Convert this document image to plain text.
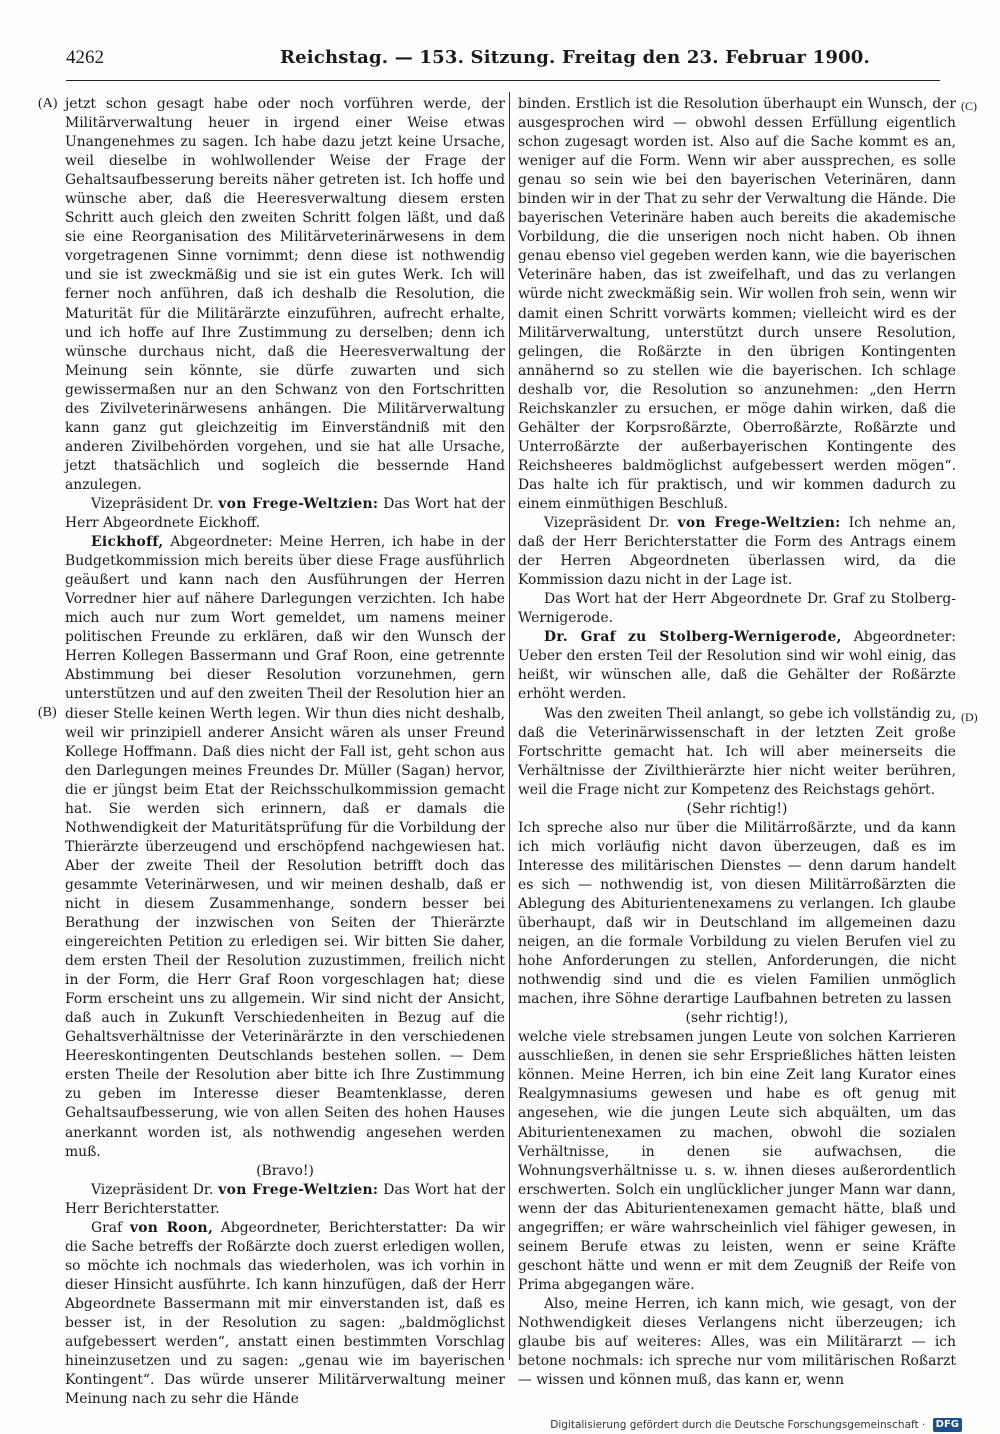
4262	Reichstag. — 153. Sitzung. Freitag den 23. Februar 1900.
(A)
(B)
(C)
(D)

jetzt schon gesagt habe oder noch vorführen werde, der Militärverwaltung heuer in irgend einer Weise etwas Unangenehmes zu sagen. Ich habe dazu jetzt keine Ursache, weil dieselbe in wohlwollender Weise der Frage der Gehaltsaufbesserung bereits näher getreten ist. Ich hoffe und wünsche aber, daß die Heeresverwaltung diesem ersten Schritt auch gleich den zweiten Schritt folgen läßt, und daß sie eine Reorganisation des Militärveterinärwesens in dem vorgetragenen Sinne vornimmt; denn diese ist nothwendig und sie ist zweckmäßig und sie ist ein gutes Werk. Ich will ferner noch anführen, daß ich deshalb die Resolution, die Maturität für die Militärärzte einzuführen, aufrecht erhalte, und ich hoffe auf Ihre Zustimmung zu derselben; denn ich wünsche durchaus nicht, daß die Heeresverwaltung der Meinung sein könnte, sie dürfe zuwarten und sich gewissermaßen nur an den Schwanz von den Fortschritten des Zivilveterinärwesens anhängen. Die Militärverwaltung kann ganz gut gleichzeitig im Einverständniß mit den anderen Zivilbehörden vorgehen, und sie hat alle Ursache, jetzt thatsächlich und sogleich die bessernde Hand anzulegen.

Vizepräsident Dr. von Frege-Weltzien: Das Wort hat der Herr Abgeordnete Eickhoff.

Eickhoff, Abgeordneter: Meine Herren, ich habe in der Budgetkommission mich bereits über diese Frage ausführlich geäußert und kann nach den Ausführungen der Herren Vorredner hier auf nähere Darlegungen verzichten. Ich habe mich auch nur zum Wort gemeldet, um namens meiner politischen Freunde zu erklären, daß wir den Wunsch der Herren Kollegen Bassermann und Graf Roon, eine getrennte Abstimmung bei dieser Resolution vorzunehmen, gern unterstützen und auf den zweiten Theil der Resolution hier an dieser Stelle keinen Werth legen. Wir thun dies nicht deshalb, weil wir prinzipiell anderer Ansicht wären als unser Freund Kollege Hoffmann. Daß dies nicht der Fall ist, geht schon aus den Darlegungen meines Freundes Dr. Müller (Sagan) hervor, die er jüngst beim Etat der Reichsschulkommission gemacht hat. Sie werden sich erinnern, daß er damals die Nothwendigkeit der Maturitätsprüfung für die Vorbildung der Thierärzte überzeugend und erschöpfend nachgewiesen hat. Aber der zweite Theil der Resolution betrifft doch das gesammte Veterinärwesen, und wir meinen deshalb, daß er nicht in diesem Zusammenhange, sondern besser bei Berathung der inzwischen von Seiten der Thierärzte eingereichten Petition zu erledigen sei. Wir bitten Sie daher, dem ersten Theil der Resolution zuzustimmen, freilich nicht in der Form, die Herr Graf Roon vorgeschlagen hat; diese Form erscheint uns zu allgemein. Wir sind nicht der Ansicht, daß auch in Zukunft Verschiedenheiten in Bezug auf die Gehaltsverhältnisse der Veterinärärzte in den verschiedenen Heereskontingenten Deutschlands bestehen sollen. — Dem ersten Theile der Resolution aber bitte ich Ihre Zustimmung zu geben im Interesse dieser Beamtenklasse, deren Gehaltsaufbesserung, wie von allen Seiten des hohen Hauses anerkannt worden ist, als nothwendig angesehen werden muß.

(Bravo!)

Vizepräsident Dr. von Frege-Weltzien: Das Wort hat der Herr Berichterstatter.

Graf von Roon, Abgeordneter, Berichterstatter: Da wir die Sache betreffs der Roßärzte doch zuerst erledigen wollen, so möchte ich nochmals das wiederholen, was ich vorhin in dieser Hinsicht ausführte. Ich kann hinzufügen, daß der Herr Abgeordnete Bassermann mit mir einverstanden ist, daß es besser ist, in der Resolution zu sagen: „baldmöglichst aufgebessert werden“, anstatt einen bestimmten Vorschlag hineinzusetzen und zu sagen: „genau wie im bayerischen Kontingent“. Das würde unserer Militärverwaltung meiner Meinung nach zu sehr die Hände

binden. Erstlich ist die Resolution überhaupt ein Wunsch, der ausgesprochen wird — obwohl dessen Erfüllung eigentlich schon zugesagt worden ist. Also auf die Sache kommt es an, weniger auf die Form. Wenn wir aber aussprechen, es solle genau so sein wie bei den bayerischen Veterinären, dann binden wir in der That zu sehr der Verwaltung die Hände. Die bayerischen Veterinäre haben auch bereits die akademische Vorbildung, die die unserigen noch nicht haben. Ob ihnen genau ebenso viel gegeben werden kann, wie die bayerischen Veterinäre haben, das ist zweifelhaft, und das zu verlangen würde nicht zweckmäßig sein. Wir wollen froh sein, wenn wir damit einen Schritt vorwärts kommen; vielleicht wird es der Militärverwaltung, unterstützt durch unsere Resolution, gelingen, die Roßärzte in den übrigen Kontingenten annähernd so zu stellen wie die bayerischen. Ich schlage deshalb vor, die Resolution so anzunehmen: „den Herrn Reichskanzler zu ersuchen, er möge dahin wirken, daß die Gehälter der Korpsroßärzte, Oberroßärzte, Roßärzte und Unterroßärzte der außerbayerischen Kontingente des Reichsheeres baldmöglichst aufgebessert werden mögen“. Das halte ich für praktisch, und wir kommen dadurch zu einem einmüthigen Beschluß.

Vizepräsident Dr. von Frege-Weltzien: Ich nehme an, daß der Herr Berichterstatter die Form des Antrags einem der Herren Abgeordneten überlassen wird, da die Kommission dazu nicht in der Lage ist.

Das Wort hat der Herr Abgeordnete Dr. Graf zu Stolberg-Wernigerode.

Dr. Graf zu Stolberg-Wernigerode, Abgeordneter: Ueber den ersten Teil der Resolution sind wir wohl einig, das heißt, wir wünschen alle, daß die Gehälter der Roßärzte erhöht werden.

Was den zweiten Theil anlangt, so gebe ich vollständig zu, daß die Veterinärwissenschaft in der letzten Zeit große Fortschritte gemacht hat. Ich will aber meinerseits die Verhältnisse der Zivilthierärzte hier nicht weiter berühren, weil die Frage nicht zur Kompetenz des Reichstags gehört.

(Sehr richtig!)

Ich spreche also nur über die Militärroßärzte, und da kann ich mich vorläufig nicht davon überzeugen, daß es im Interesse des militärischen Dienstes — denn darum handelt es sich — nothwendig ist, von diesen Militärroßärzten die Ablegung des Abiturientenexamens zu verlangen. Ich glaube überhaupt, daß wir in Deutschland im allgemeinen dazu neigen, an die formale Vorbildung zu vielen Berufen viel zu hohe Anforderungen zu stellen, Anforderungen, die nicht nothwendig sind und die es vielen Familien unmöglich machen, ihre Söhne derartige Laufbahnen betreten zu lassen

(sehr richtig!),

welche viele strebsamen jungen Leute von solchen Karrieren ausschließen, in denen sie sehr Ersprießliches hätten leisten können. Meine Herren, ich bin eine Zeit lang Kurator eines Realgymnasiums gewesen und habe es oft genug mit angesehen, wie die jungen Leute sich abquälten, um das Abiturientenexamen zu machen, obwohl die sozialen Verhältnisse, in denen sie aufwachsen, die Wohnungsverhältnisse u. s. w. ihnen dieses außerordentlich erschwerten. Solch ein unglücklicher junger Mann war dann, wenn der das Abiturientenexamen gemacht hätte, blaß und angegriffen; er wäre wahrscheinlich viel fähiger gewesen, in seinem Berufe etwas zu leisten, wenn er seine Kräfte geschont hätte und wenn er mit dem Zeugniß der Reife von Prima abgegangen wäre.

Also, meine Herren, ich kann mich, wie gesagt, von der Nothwendigkeit dieses Verlangens nicht überzeugen; ich glaube bis auf weiteres: Alles, was ein Militärarzt — ich betone nochmals: ich spreche nur vom militärischen Roßarzt — wissen und können muß, das kann er, wenn

Digitalisierung gefördert durch die Deutsche Forschungsgemeinschaft · DFG
